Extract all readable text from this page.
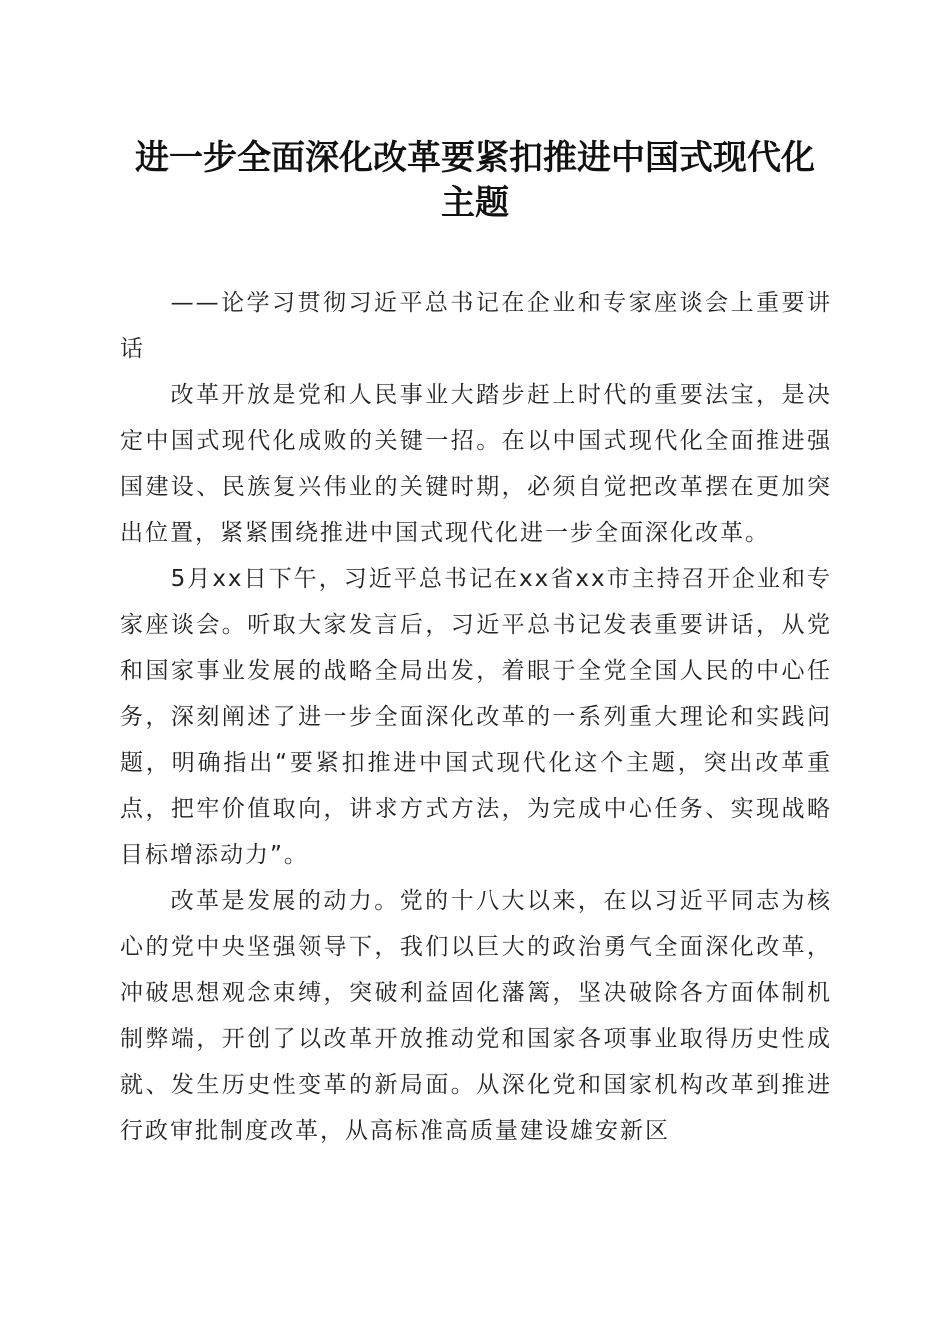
进一步全面深化改革要紧扣推进中国式现代化
主题

——论学习贯彻习近平总书记在企业和专家座谈会上重要讲话

改革开放是党和人民事业大踏步赶上时代的重要法宝，是决定中国式现代化成败的关键一招。在以中国式现代化全面推进强国建设、民族复兴伟业的关键时期，必须自觉把改革摆在更加突出位置，紧紧围绕推进中国式现代化进一步全面深化改革。

5月xx日下午，习近平总书记在xx省xx市主持召开企业和专家座谈会。听取大家发言后，习近平总书记发表重要讲话，从党和国家事业发展的战略全局出发，着眼于全党全国人民的中心任务，深刻阐述了进一步全面深化改革的一系列重大理论和实践问题，明确指出“要紧扣推进中国式现代化这个主题，突出改革重点，把牢价值取向，讲求方式方法，为完成中心任务、实现战略目标增添动力”。

改革是发展的动力。党的十八大以来，在以习近平同志为核心的党中央坚强领导下，我们以巨大的政治勇气全面深化改革，冲破思想观念束缚，突破利益固化藩篱，坚决破除各方面体制机制弊端，开创了以改革开放推动党和国家各项事业取得历史性成就、发生历史性变革的新局面。从深化党和国家机构改革到推进行政审批制度改革，从高标准高质量建设雄安新区
